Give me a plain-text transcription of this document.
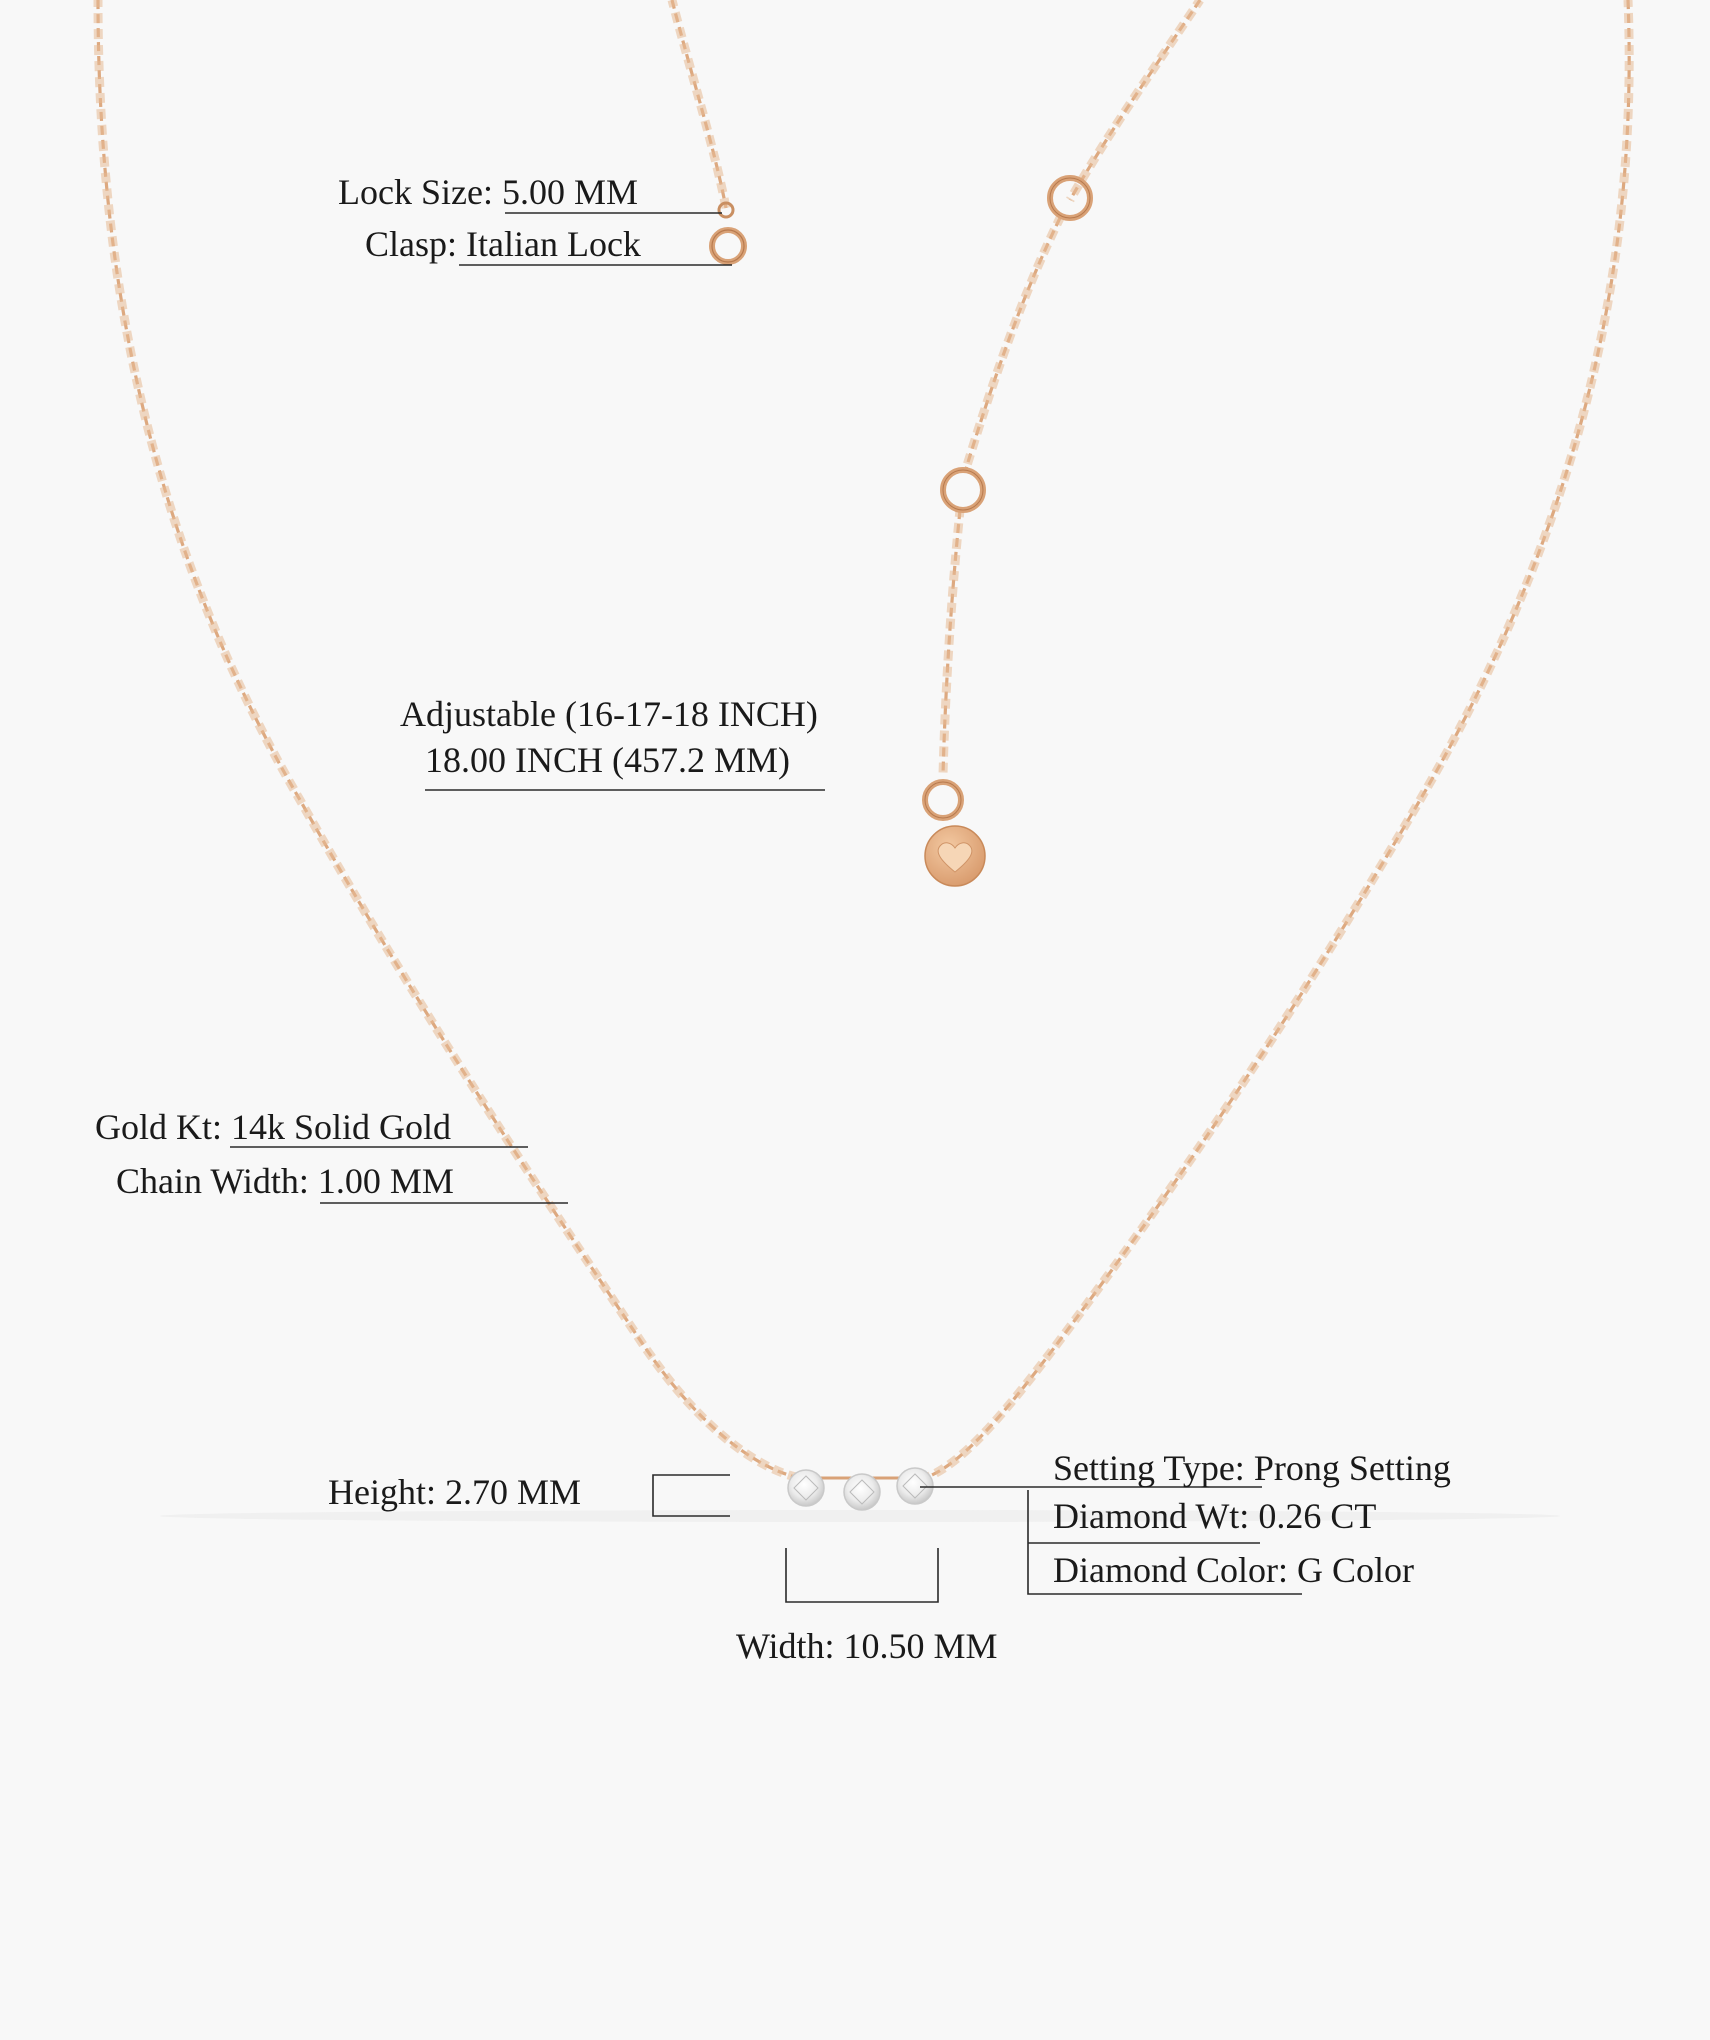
Lock Size: 5.00 MM
Clasp: Italian Lock
Adjustable (16-17-18 INCH)
18.00 INCH (457.2 MM)
Gold Kt: 14k Solid Gold
Chain Width: 1.00 MM
Height: 2.70 MM
Width: 10.50 MM
Setting Type: Prong Setting
Diamond Wt: 0.26 CT
Diamond Color: G Color
